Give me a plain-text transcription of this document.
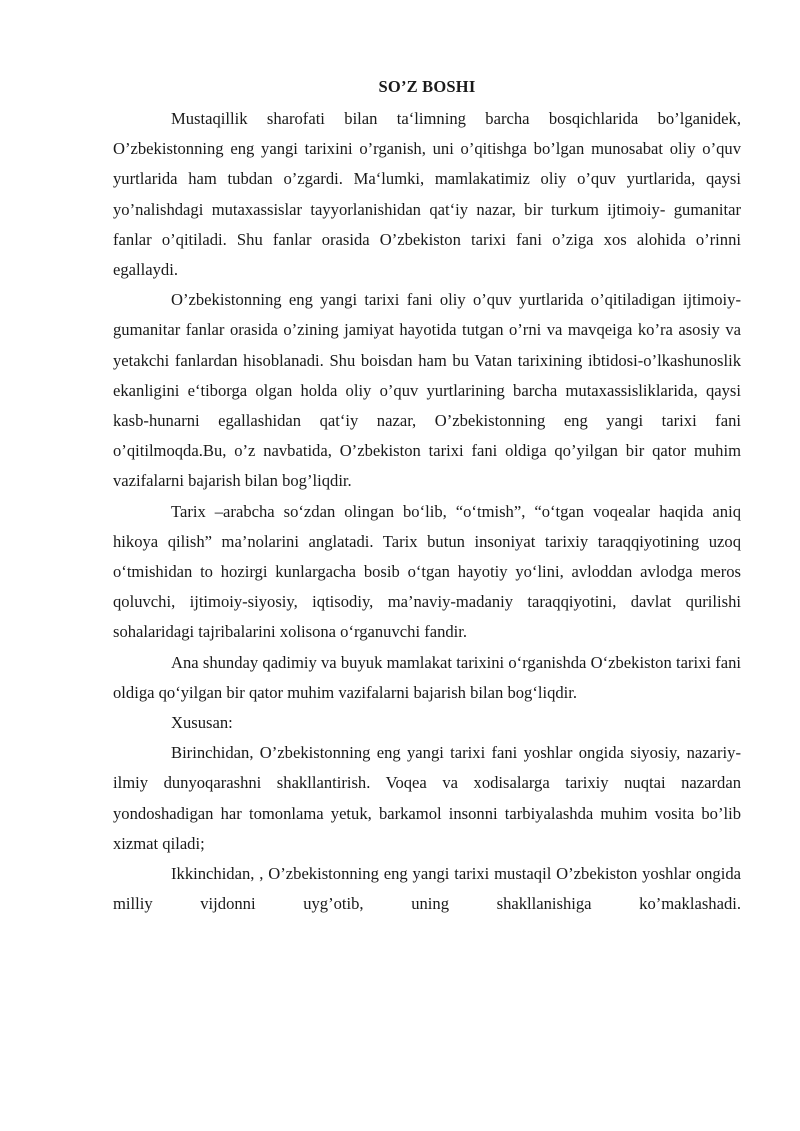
SO’Z BOSHI

Mustaqillik sharofati bilan ta‘limning barcha bosqichlarida bo’lganidek, O’zbekistonning eng yangi tarixini o’rganish, uni o’qitishga bo’lgan munosabat oliy o’quv yurtlarida ham tubdan o’zgardi. Ma‘lumki, mamlakatimiz oliy o’quv yurtlarida, qaysi yo’nalishdagi mutaxassislar tayyorlanishidan qat‘iy nazar, bir turkum ijtimoiy- gumanitar fanlar o’qitiladi. Shu fanlar orasida O’zbekiston tarixi fani o’ziga xos alohida o’rinni egallaydi.

O’zbekistonning eng yangi tarixi fani oliy o’quv yurtlarida o’qitiladigan ijtimoiy-gumanitar fanlar orasida o’zining jamiyat hayotida tutgan o’rni va mavqeiga ko’ra asosiy va yetakchi fanlardan hisoblanadi. Shu boisdan ham bu Vatan tarixining ibtidosi-o’lkashunoslik ekanligini e‘tiborga olgan holda oliy o’quv yurtlarining barcha mutaxassisliklarida, qaysi kasb-hunarni egallashidan qat‘iy nazar, O’zbekistonning eng yangi tarixi fani o’qitilmoqda.Bu, o’z navbatida, O’zbekiston tarixi fani oldiga qo’yilgan bir qator muhim vazifalarni bajarish bilan bog’liqdir.

Tarix –arabcha so‘zdan olingan bo‘lib, “o‘tmish”, “o‘tgan voqealar haqida aniq hikoya qilish” ma’nolarini anglatadi. Tarix butun insoniyat tarixiy taraqqiyotining uzoq o‘tmishidan to hozirgi kunlargacha bosib o‘tgan hayotiy yo‘lini, avloddan avlodga meros qoluvchi, ijtimoiy-siyosiy, iqtisodiy, ma’naviy-madaniy taraqqiyotini, davlat qurilishi sohalaridagi tajribalarini xolisona o‘rganuvchi fandir.

Ana shunday qadimiy va buyuk mamlakat tarixini o‘rganishda O‘zbekiston tarixi fani oldiga qo‘yilgan bir qator muhim vazifalarni bajarish bilan bog‘liqdir.

Xususan:

Birinchidan, O’zbekistonning eng yangi tarixi fani yoshlar ongida siyosiy, nazariy-ilmiy dunyoqarashni shakllantirish. Voqea va xodisalarga tarixiy nuqtai nazardan yondoshadigan har tomonlama yetuk, barkamol insonni tarbiyalashda muhim vosita bo’lib xizmat qiladi;

Ikkinchidan, , O’zbekistonning eng yangi tarixi mustaqil O’zbekiston yoshlar ongida milliy vijdonni uyg’otib, uning shakllanishiga ko’maklashadi.
